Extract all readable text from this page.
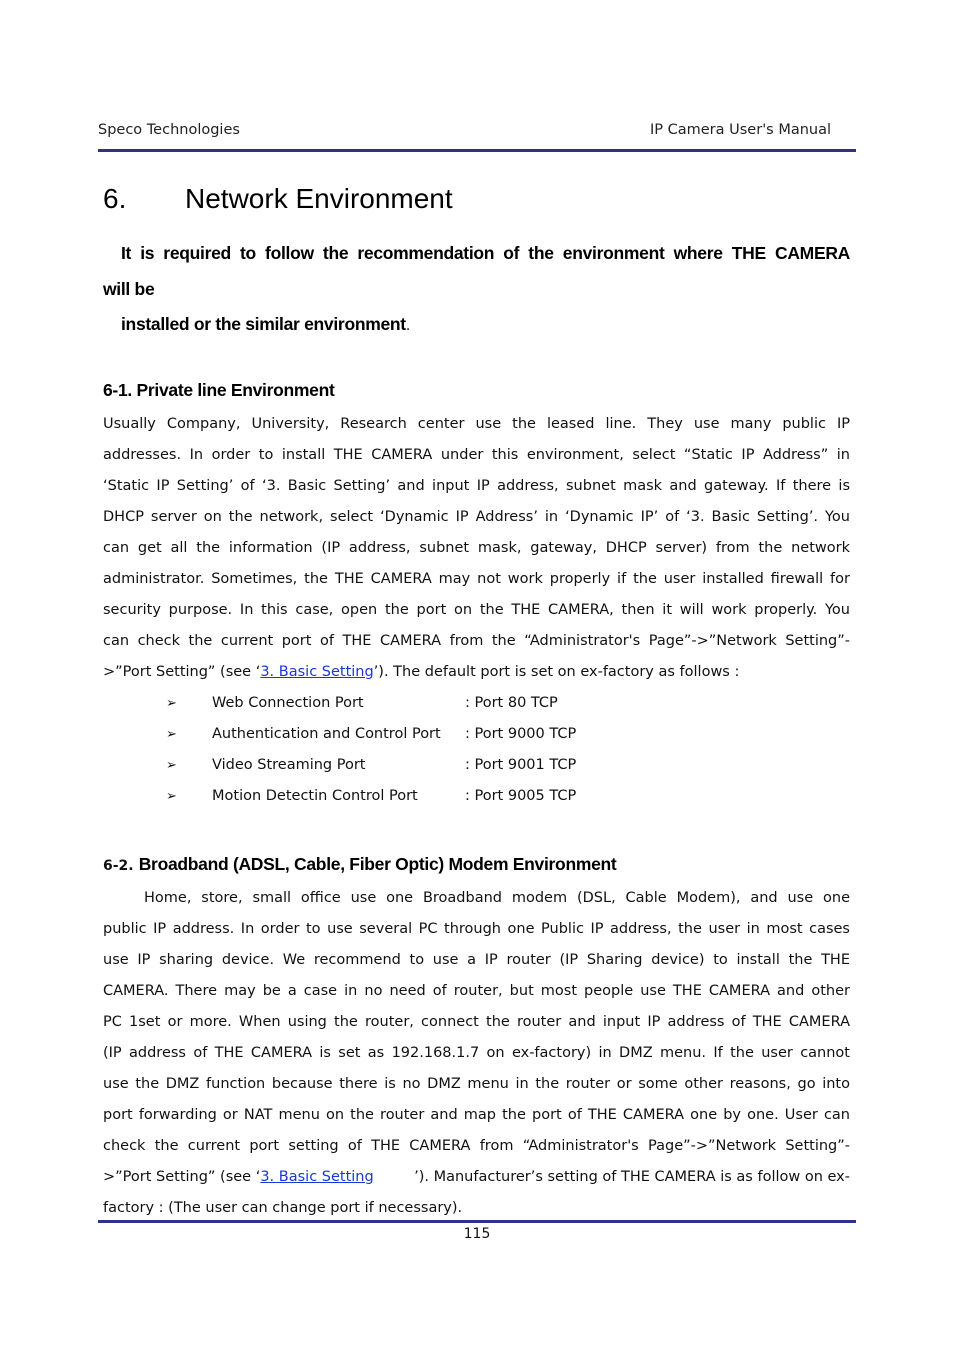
Speco Technologies	IP Camera User's Manual
6. Network Environment
It is required to follow the recommendation of the environment where THE CAMERA
will be
installed or the similar environment.
6-1. Private line Environment
Usually Company, University, Research center use the leased line. They use many public IP
addresses. In order to install THE CAMERA under this environment, select “Static IP Address” in
‘Static IP Setting’ of ‘3. Basic Setting’ and input IP address, subnet mask and gateway. If there is
DHCP server on the network, select ‘Dynamic IP Address’ in ‘Dynamic IP’ of ‘3. Basic Setting’. You
can get all the information (IP address, subnet mask, gateway, DHCP server) from the network
administrator. Sometimes, the THE CAMERA may not work properly if the user installed firewall for
security purpose. In this case, open the port on the THE CAMERA, then it will work properly. You
can check the current port of THE CAMERA from the “Administrator's Page”->”Network Setting”-
>”Port Setting” (see ‘3. Basic Setting’). The default port is set on ex-factory as follows :
➢ Web Connection Port	: Port 80 TCP
➢ Authentication and Control Port : Port 9000 TCP
➢ Video Streaming Port	: Port 9001 TCP
➢ Motion Detectin Control Port	: Port 9005 TCP
6-2. Broadband (ADSL, Cable, Fiber Optic) Modem Environment
Home, store, small office use one Broadband modem (DSL, Cable Modem), and use one
public IP address. In order to use several PC through one Public IP address, the user in most cases
use IP sharing device. We recommend to use a IP router (IP Sharing device) to install the THE
CAMERA. There may be a case in no need of router, but most people use THE CAMERA and other
PC 1set or more. When using the router, connect the router and input IP address of THE CAMERA
(IP address of THE CAMERA is set as 192.168.1.7 on ex-factory) in DMZ menu. If the user cannot
use the DMZ function because there is no DMZ menu in the router or some other reasons, go into
port forwarding or NAT menu on the router and map the port of THE CAMERA one by one. User can
check the current port setting of THE CAMERA from “Administrator's Page”->”Network Setting”-
>”Port Setting” (see ‘3. Basic Setting	’). Manufacturer’s setting of THE CAMERA is as follow on ex-
factory : (The user can change port if necessary).
115
